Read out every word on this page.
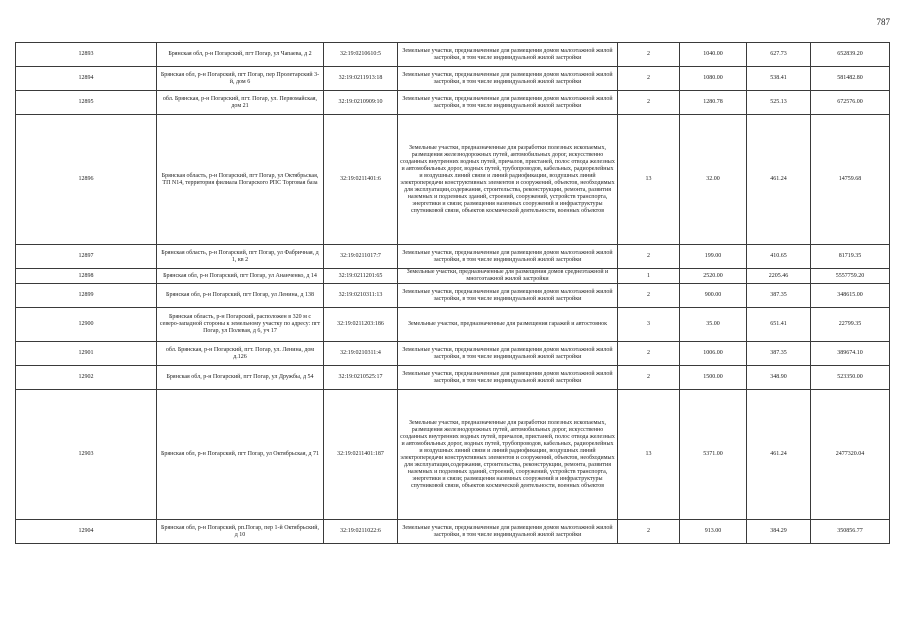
787
12893	Брянская обл, р-н Погарский, пгт Погар, ул Чапаева, д 2	32:19:0210610:5	Земельные участки, предназначенные для размещения домов малоэтажной жилой застройки, в том числе индивидуальной жилой застройки	2	1040.00	627.73	652839.20
12894	Брянская обл, р-н Погарский, пгт Погар, пер Пролетарский 3-й, дом 6	32:19:0211913:18	Земельные участки, предназначенные для размещения домов малоэтажной жилой застройки, в том числе индивидуальной жилой застройки	2	1080.00	538.41	581482.80
12895	обл. Брянская, р-н Погарский, пгт. Погар, ул. Первомайская, дом 21	32:19:0210909:10	Земельные участки, предназначенные для размещения домов малоэтажной жилой застройки, в том числе индивидуальной жилой застройки	2	1280.78	525.13	672576.00
12896	Брянская область, р-н Погарский, пгт Погар, ул Октябрьская, ТП N14, территория филиала Погарского РПС Торговая база	32:19:0211401:6	Земельные участки, предназначенные для разработки полезных ископаемых, размещения железнодорожных путей, автомобильных дорог, искусственно созданных внутренних водных путей, причалов, пристаней, полос отвода железных и автомобильных дорог, водных путей, трубопроводов, кабельных, радиорелейных и воздушных линий связи и линий радиофикации, воздушных линий электропередачи конструктивных элементов и сооружений, объектов, необходимых для эксплуатации,содержания, строительства, реконструкции, ремонта, развития наземных и подземных зданий, строений, сооружений, устройств транспорта, энергетики и связи; размещения наземных сооружений и инфраструктуры спутниковой связи, объектов космической деятельности, военных объектов	13	32.00	461.24	14759.68
12897	Брянская область, р-н Погарский, пгт Погар, ул Фабричная, д 1, кв 2	32:19:0211017:7	Земельные участки, предназначенные для размещения домов малоэтажной жилой застройки, в том числе индивидуальной жилой застройки	2	199.00	410.65	81719.35
12898	Брянская обл, р-н Погарский, пгт Погар, ул Ананченко, д 14	32:19:0211201:65	Земельные участки, предназначенные для размещения домов среднеэтажной и многоэтажной жилой застройки	1	2520.00	2205.46	5557759.20
12899	Брянская обл, р-н Погарский, пгт Погар, ул Ленина, д 138	32:19:0210311:13	Земельные участки, предназначенные для размещения домов малоэтажной жилой застройки, в том числе индивидуальной жилой застройки	2	900.00	387.35	348615.00
12900	Брянская область, р-н Погарский, расположен в 320 м с северо-западной стороны к земельному участку по адресу: пгт Погар, ул Полевая, д 6, уч 17	32:19:0211203:186	Земельные участки, предназначенные для размещения гаражей и автостоянок	3	35.00	651.41	22799.35
12901	обл. Брянская, р-н Погарский, пгт. Погар, ул. Ленина, дом д.126	32:19:0210311:4	Земельные участки, предназначенные для размещения домов малоэтажной жилой застройки, в том числе индивидуальной жилой застройки	2	1006.00	387.35	389674.10
12902	Брянская обл, р-н Погарский, пгт Погар, ул Дружбы, д 54	32:19:0210525:17	Земельные участки, предназначенные для размещения домов малоэтажной жилой застройки, в том числе индивидуальной жилой застройки	2	1500.00	348.90	523350.00
12903	Брянская обл, р-н Погарский, пгт Погар, ул Октябрьская, д 71	32:19:0211401:187	Земельные участки, предназначенные для разработки полезных ископаемых, размещения железнодорожных путей, автомобильных дорог, искусственно созданных внутренних водных путей, причалов, пристаней, полос отвода железных и автомобильных дорог, водных путей, трубопроводов, кабельных, радиорелейных и воздушных линий связи и линий радиофикации, воздушных линий электропередачи конструктивных элементов и сооружений, объектов, необходимых для эксплуатации,содержания, строительства, реконструкции, ремонта, развития наземных и подземных зданий, строений, сооружений, устройств транспорта, энергетики и связи; размещения наземных сооружений и инфраструктуры спутниковой связи, объектов космической деятельности, военных объектов	13	5371.00	461.24	2477320.04
12904	Брянская обл, р-н Погарский, рп.Погар, пер 1-й Октябрьский, д 10	32:19:0211022:6	Земельные участки, предназначенные для размещения домов малоэтажной жилой застройки, в том числе индивидуальной жилой застройки	2	913.00	384.29	350856.77
